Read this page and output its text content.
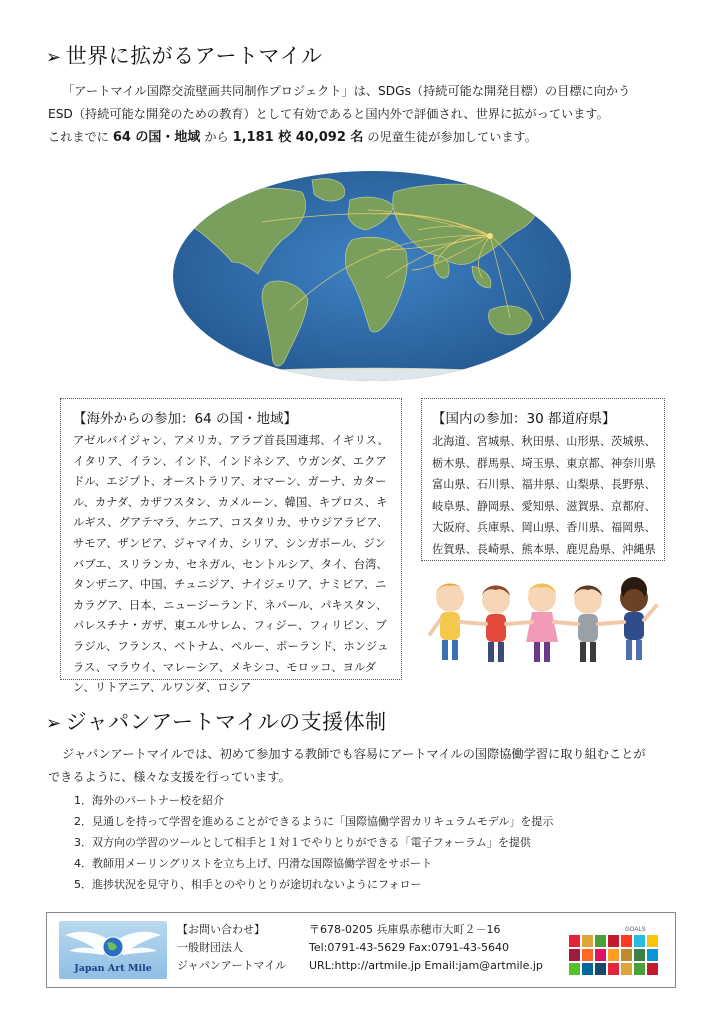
➢ 世界に拡がるアートマイル
「アートマイル国際交流壁画共同制作プロジェクト」は、SDGs（持続可能な開発目標）の目標に向かう
ESD（持続可能な開発のための教育）として有効であると国内外で評価され、世界に拡がっています。
これまでに 64 の国・地域 から 1,181 校 40,092 名 の児童生徒が参加しています。
【海外からの参加：64 の国・地域】
アゼルバイジャン、アメリカ、アラブ首長国連邦、イギリス、イタリア、イラン、インド、インドネシア、ウガンダ、エクアドル、エジプト、オーストラリア、オマーン、ガーナ、カタール、カナダ、カザフスタン、カメルーン、韓国、キプロス、キルギス、グアテマラ、ケニア、コスタリカ、サウジアラビア、サモア、ザンビア、ジャマイカ、シリア、シンガポール、ジンバブエ、スリランカ、セネガル、セントルシア、タイ、台湾、タンザニア、中国、チュニジア、ナイジェリア、ナミビア、ニカラグア、日本、ニュージーランド、ネパール、パキスタン、パレスチナ・ガザ、東エルサレム、フィジー、フィリピン、ブラジル、フランス、ベトナム、ペルー、ポーランド、ホンジュラス、マラウイ、マレーシア、メキシコ、モロッコ、ヨルダン、リトアニア、ルワンダ、ロシア
【国内の参加：30 都道府県】
北海道、宮城県、秋田県、山形県、茨城県、
栃木県、群馬県、埼玉県、東京都、神奈川県
富山県、石川県、福井県、山梨県、長野県、
岐阜県、静岡県、愛知県、滋賀県、京都府、
大阪府、兵庫県、岡山県、香川県、福岡県、
佐賀県、長崎県、熊本県、鹿児島県、沖縄県
➢ ジャパンアートマイルの支援体制
ジャパンアートマイルでは、初めて参加する教師でも容易にアートマイルの国際協働学習に取り組むことが
できるように、様々な支援を行っています。
1．海外のパートナー校を紹介
2．見通しを持って学習を進めることができるように「国際協働学習カリキュラムモデル」を提示
3．双方向の学習のツールとして相手と１対１でやりとりができる「電子フォーラム」を提供
4．教師用メーリングリストを立ち上げ、円滑な国際協働学習をサポート
5．進捗状況を見守り、相手とのやりとりが途切れないようにフォロー
Japan Art Mile
【お問い合わせ】
一般財団法人
ジャパンアートマイル
〒678-0205 兵庫県赤穂市大町２－16
Tel:0791-43-5629 Fax:0791-43-5640
URL:http://artmile.jp Email:jam@artmile.jp
GOALS
